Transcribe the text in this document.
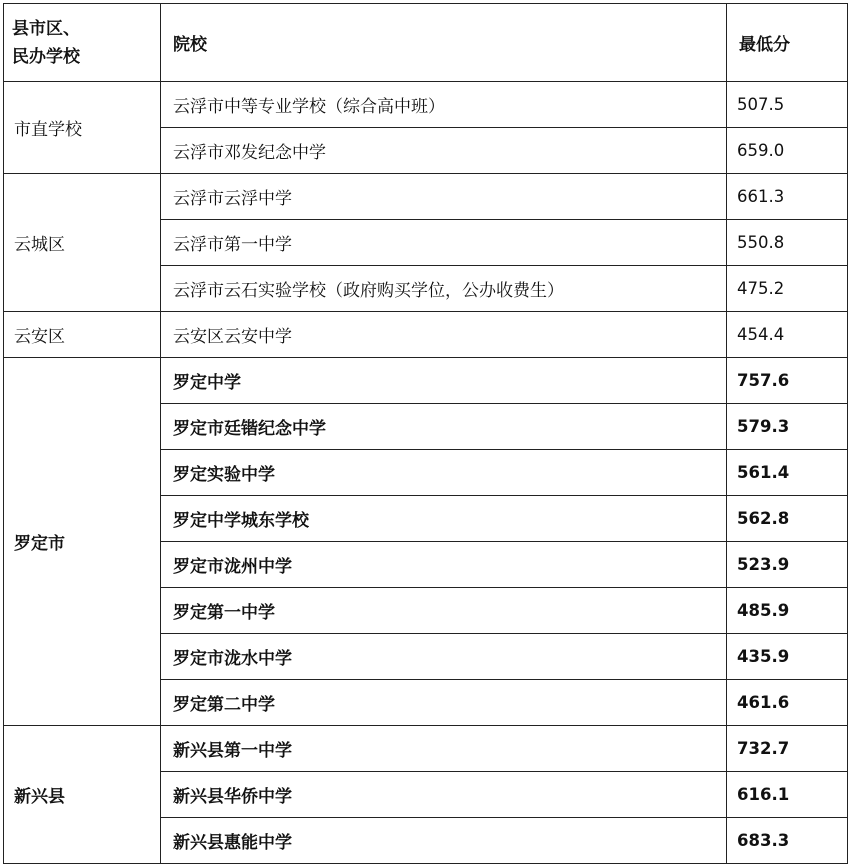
县市区、
民办学校	院校	最低分
市直学校	云浮市中等专业学校（综合高中班）	507.5
	云浮市邓发纪念中学	659.0
云城区	云浮市云浮中学	661.3
	云浮市第一中学	550.8
	云浮市云石实验学校（政府购买学位，公办收费生）	475.2
云安区	云安区云安中学	454.4
罗定市	罗定中学	757.6
	罗定市廷锴纪念中学	579.3
	罗定实验中学	561.4
	罗定中学城东学校	562.8
	罗定市泷州中学	523.9
	罗定第一中学	485.9
	罗定市泷水中学	435.9
	罗定第二中学	461.6
新兴县	新兴县第一中学	732.7
	新兴县华侨中学	616.1
	新兴县惠能中学	683.3
